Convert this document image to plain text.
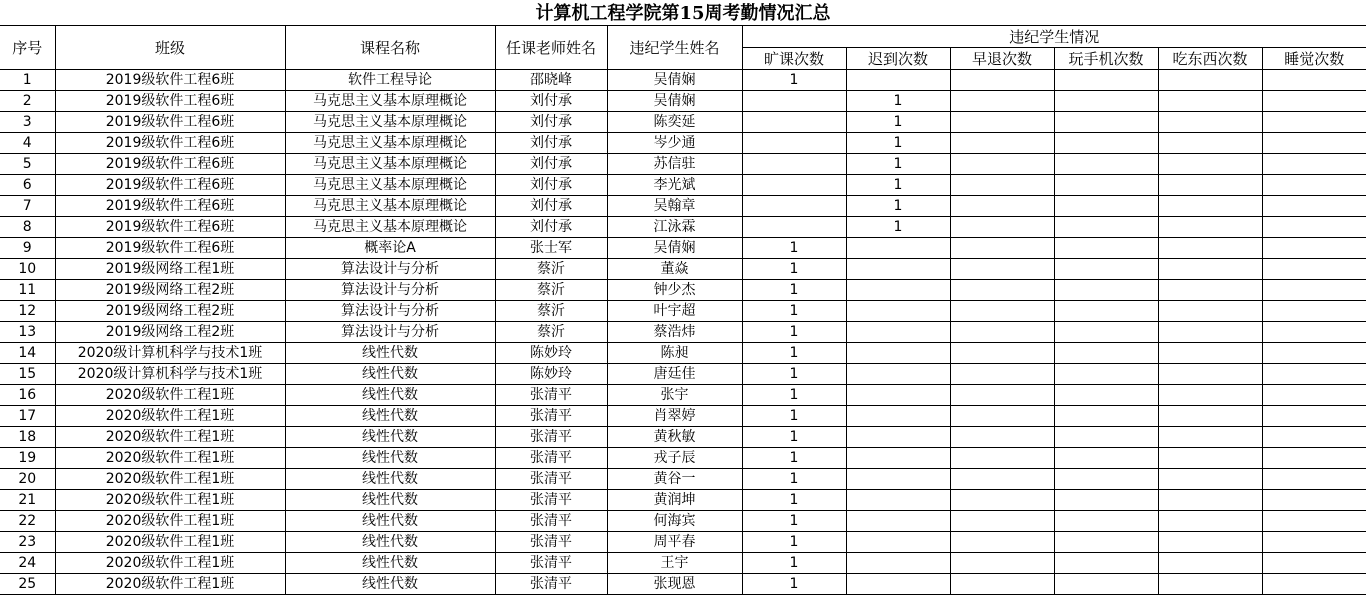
计算机工程学院第15周考勤情况汇总
序号	班级	课程名称	任课老师姓名	违纪学生姓名	违纪学生情况					
					旷课次数	迟到次数	早退次数	玩手机次数	吃东西次数	睡觉次数
1	2019级软件工程6班	软件工程导论	邵晓峰	吴倩娴	1					
2	2019级软件工程6班	马克思主义基本原理概论	刘付承	吴倩娴		1				
3	2019级软件工程6班	马克思主义基本原理概论	刘付承	陈奕延		1				
4	2019级软件工程6班	马克思主义基本原理概论	刘付承	岑少通		1				
5	2019级软件工程6班	马克思主义基本原理概论	刘付承	苏信驻		1				
6	2019级软件工程6班	马克思主义基本原理概论	刘付承	李光斌		1				
7	2019级软件工程6班	马克思主义基本原理概论	刘付承	吴翰章		1				
8	2019级软件工程6班	马克思主义基本原理概论	刘付承	江泳霖		1				
9	2019级软件工程6班	概率论A	张士军	吴倩娴	1					
10	2019级网络工程1班	算法设计与分析	蔡沂	董焱	1					
11	2019级网络工程2班	算法设计与分析	蔡沂	钟少杰	1					
12	2019级网络工程2班	算法设计与分析	蔡沂	叶宇超	1					
13	2019级网络工程2班	算法设计与分析	蔡沂	蔡浩炜	1					
14	2020级计算机科学与技术1班	线性代数	陈妙玲	陈昶	1					
15	2020级计算机科学与技术1班	线性代数	陈妙玲	唐廷佳	1					
16	2020级软件工程1班	线性代数	张清平	张宇	1					
17	2020级软件工程1班	线性代数	张清平	肖翠婷	1					
18	2020级软件工程1班	线性代数	张清平	黄秋敏	1					
19	2020级软件工程1班	线性代数	张清平	戎子辰	1					
20	2020级软件工程1班	线性代数	张清平	黄谷一	1					
21	2020级软件工程1班	线性代数	张清平	黄润坤	1					
22	2020级软件工程1班	线性代数	张清平	何海宾	1					
23	2020级软件工程1班	线性代数	张清平	周平春	1					
24	2020级软件工程1班	线性代数	张清平	王宇	1					
25	2020级软件工程1班	线性代数	张清平	张现恩	1					
